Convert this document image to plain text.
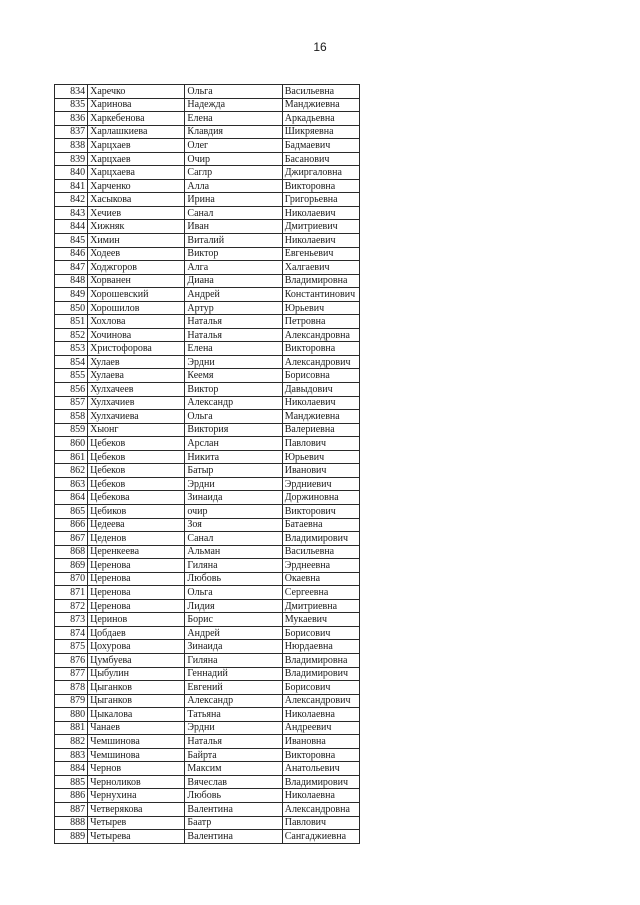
16
834	Харечко	Ольга	Васильевна
835	Харинова	Надежда	Манджиевна
836	Харкебенова	Елена	Аркадьевна
837	Харлашкиева	Клавдия	Шикряевна
838	Харцхаев	Олег	Бадмаевич
839	Харцхаев	Очир	Басанович
840	Харцхаева	Саглр	Джиргаловна
841	Харченко	Алла	Викторовна
842	Хасыкова	Ирина	Григорьевна
843	Хечиев	Санал	Николаевич
844	Хижняк	Иван	Дмитриевич
845	Химин	Виталий	Николаевич
846	Ходеев	Виктор	Евгеньевич
847	Ходжгоров	Алга	Халгаевич
848	Хорванен	Диана	Владимировна
849	Хорошевский	Андрей	Константинович
850	Хорошилов	Артур	Юрьевич
851	Хохлова	Наталья	Петровна
852	Хочинова	Наталья	Александровна
853	Христофорова	Елена	Викторовна
854	Хулаев	Эрдни	Александрович
855	Хулаева	Кеемя	Борисовна
856	Хулхачеев	Виктор	Давыдович
857	Хулхачиев	Александр	Николаевич
858	Хулхачиева	Ольга	Манджиевна
859	Хыонг	Виктория	Валериевна
860	Цебеков	Арслан	Павлович
861	Цебеков	Никита	Юрьевич
862	Цебеков	Батыр	Иванович
863	Цебеков	Эрдни	Эрдниевич
864	Цебекова	Зинаида	Доржиновна
865	Цебиков	очир	Викторович
866	Цедеева	Зоя	Батаевна
867	Цеденов	Санал	Владимирович
868	Церенкеева	Альман	Васильевна
869	Церенова	Гиляна	Эрднеевна
870	Церенова	Любовь	Окаевна
871	Церенова	Ольга	Сергеевна
872	Церенова	Лидия	Дмитриевна
873	Церинов	Борис	Мукаевич
874	Цобдаев	Андрей	Борисович
875	Цохурова	Зинаида	Нюрдаевна
876	Цумбуева	Гиляна	Владимировна
877	Цыбулин	Геннадий	Владимирович
878	Цыганков	Евгений	Борисович
879	Цыганков	Александр	Александрович
880	Цыкалова	Татьяна	Николаевна
881	Чанаев	Эрдни	Андреевич
882	Чемшинова	Наталья	Ивановна
883	Чемшинова	Байрта	Викторовна
884	Чернов	Максим	Анатольевич
885	Черноликов	Вячеслав	Владимирович
886	Чернухина	Любовь	Николаевна
887	Четверякова	Валентина	Александровна
888	Четырев	Баатр	Павлович
889	Четырева	Валентина	Сангаджиевна
